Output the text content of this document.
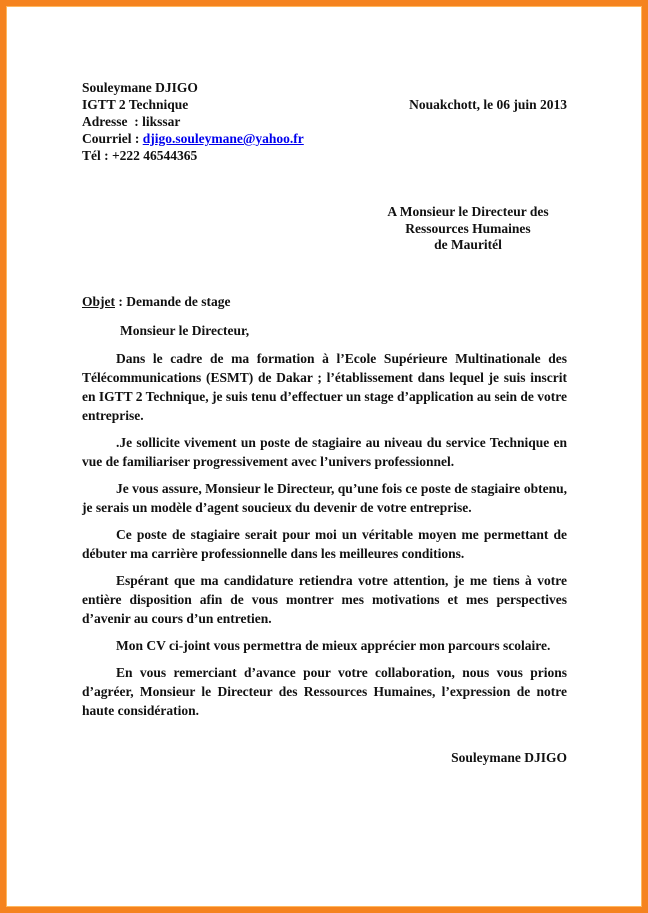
Souleymane DJIGO
IGTT 2 Technique
Adresse  : likssar
Courriel : djigo.souleymane@yahoo.fr
Tél : +222 46544365
Nouakchott, le 06 juin 2013
A Monsieur le Directeur des
Ressources Humaines
de Mauritél
Objet : Demande de stage

Monsieur le Directeur,

Dans le cadre de ma formation à l’Ecole Supérieure Multinationale des Télécommunications (ESMT) de Dakar ; l’établissement dans lequel je suis inscrit en IGTT 2 Technique, je suis tenu d’effectuer un stage d’application au sein de votre entreprise.

.Je sollicite vivement un poste de stagiaire au niveau du service Technique en vue de familiariser progressivement avec l’univers professionnel.

Je vous assure, Monsieur le Directeur, qu’une fois ce poste de stagiaire obtenu, je serais un modèle d’agent soucieux du devenir de votre entreprise.

Ce poste de stagiaire serait pour moi un véritable moyen me permettant de débuter ma carrière professionnelle dans les meilleures conditions.

Espérant que ma candidature retiendra votre attention, je me tiens à votre entière disposition afin de vous montrer mes motivations et mes perspectives d’avenir au cours d’un entretien.

Mon CV ci-joint vous permettra de mieux apprécier mon parcours scolaire.

En vous remerciant d’avance pour votre collaboration, nous vous prions d’agréer, Monsieur le Directeur des Ressources Humaines, l’expression de notre haute considération.

Souleymane DJIGO
